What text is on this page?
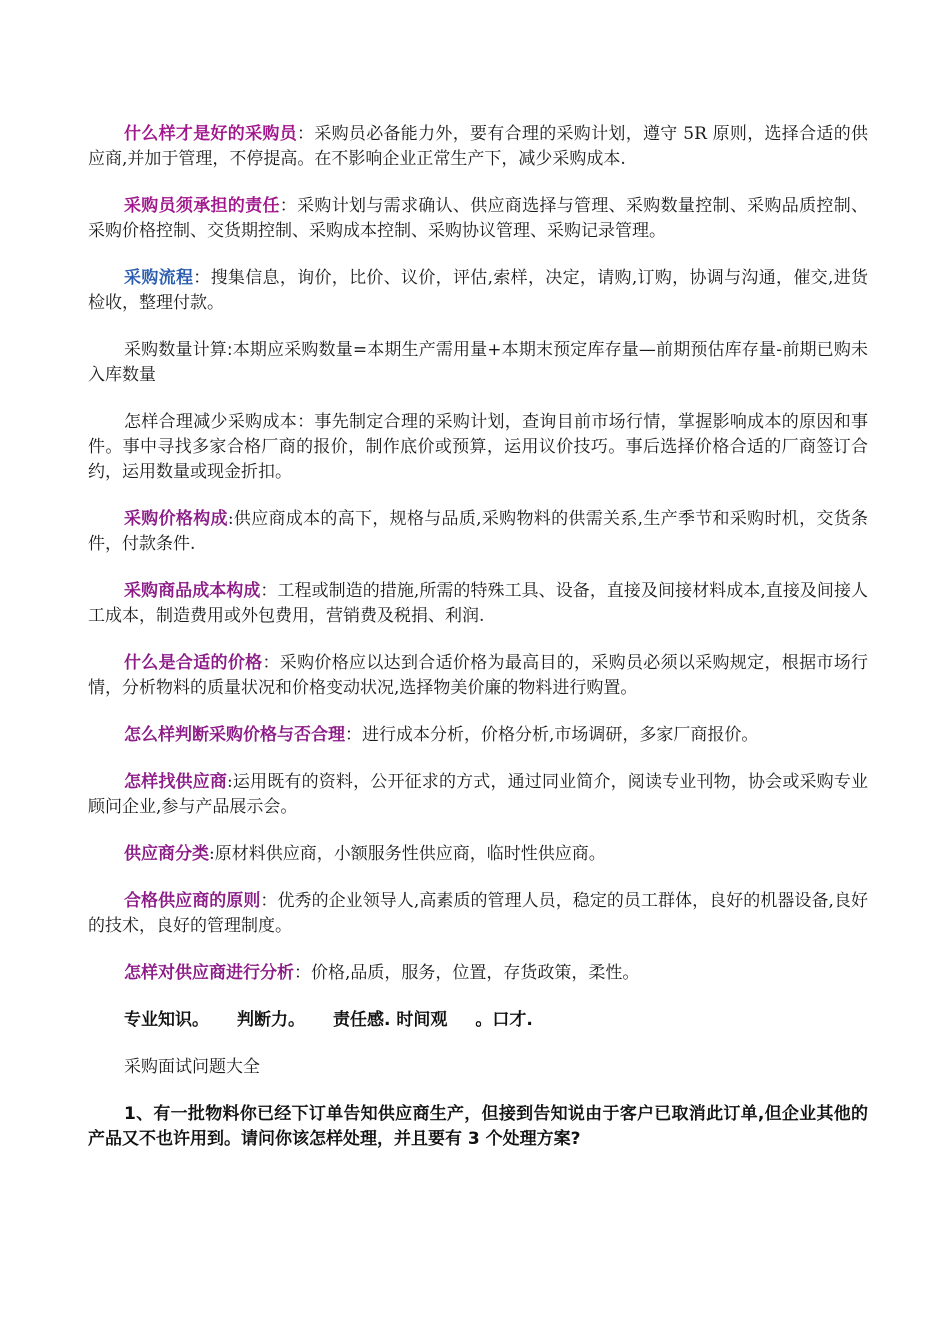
什么样才是好的采购员：采购员必备能力外，要有合理的采购计划，遵守 5R 原则，选择合适的供应商,并加于管理，不停提高。在不影响企业正常生产下，减少采购成本.

采购员须承担的责任：采购计划与需求确认、供应商选择与管理、采购数量控制、采购品质控制、采购价格控制、交货期控制、采购成本控制、采购协议管理、采购记录管理。

采购流程：搜集信息，询价，比价、议价，评估,索样，决定，请购,订购，协调与沟通，催交,进货检收，整理付款。

采购数量计算:本期应采购数量=本期生产需用量+本期末预定库存量—前期预估库存量-前期已购未入库数量

怎样合理减少采购成本：事先制定合理的采购计划，查询目前市场行情，掌握影响成本的原因和事件。事中寻找多家合格厂商的报价，制作底价或预算，运用议价技巧。事后选择价格合适的厂商签订合约，运用数量或现金折扣。

采购价格构成:供应商成本的高下，规格与品质,采购物料的供需关系,生产季节和采购时机，交货条件，付款条件.

采购商品成本构成：工程或制造的措施,所需的特殊工具、设备，直接及间接材料成本,直接及间接人工成本，制造费用或外包费用，营销费及税捐、利润.

什么是合适的价格：采购价格应以达到合适价格为最高目的，采购员必须以采购规定，根据市场行情，分析物料的质量状况和价格变动状况,选择物美价廉的物料进行购置。

怎么样判断采购价格与否合理：进行成本分析，价格分析,市场调研，多家厂商报价。

怎样找供应商:运用既有的资料，公开征求的方式，通过同业简介，阅读专业刊物，协会或采购专业顾问企业,参与产品展示会。

供应商分类:原材料供应商，小额服务性供应商，临时性供应商。

合格供应商的原则：优秀的企业领导人,高素质的管理人员，稳定的员工群体，良好的机器设备,良好的技术，良好的管理制度。

怎样对供应商进行分析：价格,品质，服务，位置，存货政策，柔性。

专业知识。 判断力。 责任感. 时间观 。口才.

采购面试问题大全

1、有一批物料你已经下订单告知供应商生产，但接到告知说由于客户已取消此订单,但企业其他的产品又不也许用到。请问你该怎样处理，并且要有 3 个处理方案?
